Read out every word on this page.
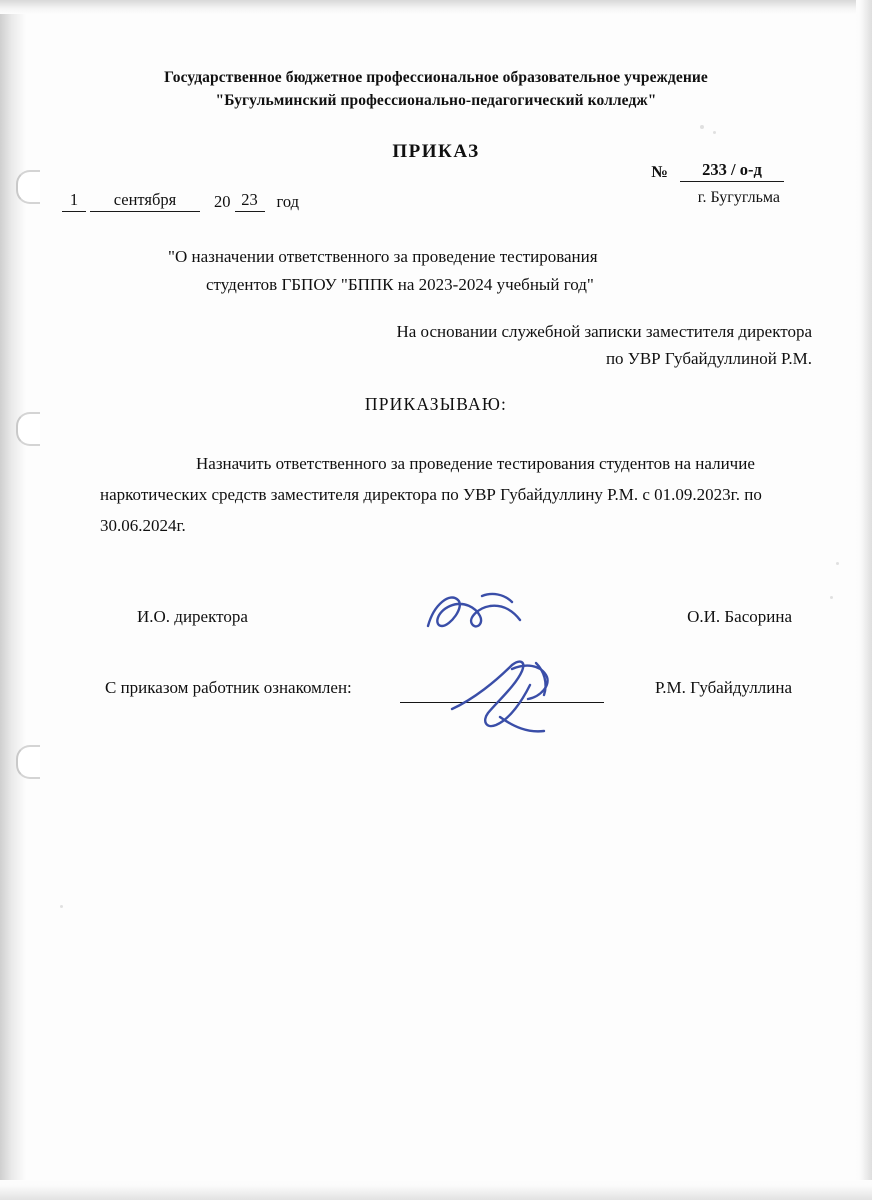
Государственное бюджетное профессиональное образовательное учреждение
"Бугульминский профессионально-педагогический колледж"
ПРИКАЗ
№	233 / о-д
г. Бугугльма
1	сентября	20 23	год
"О назначении ответственного за проведение тестирования
студентов ГБПОУ "БППК на 2023-2024 учебный год"
На основании служебной записки заместителя директора
по УВР Губайдуллиной Р.М.
ПРИКАЗЫВАЮ:

Назначить ответственного за проведение тестирования студентов на наличие наркотических средств заместителя директора по УВР Губайдуллину Р.М. с 01.09.2023г. по 30.06.2024г.

И.О. директора	О.И. Басорина
С приказом работник ознакомлен:	Р.М. Губайдуллина
